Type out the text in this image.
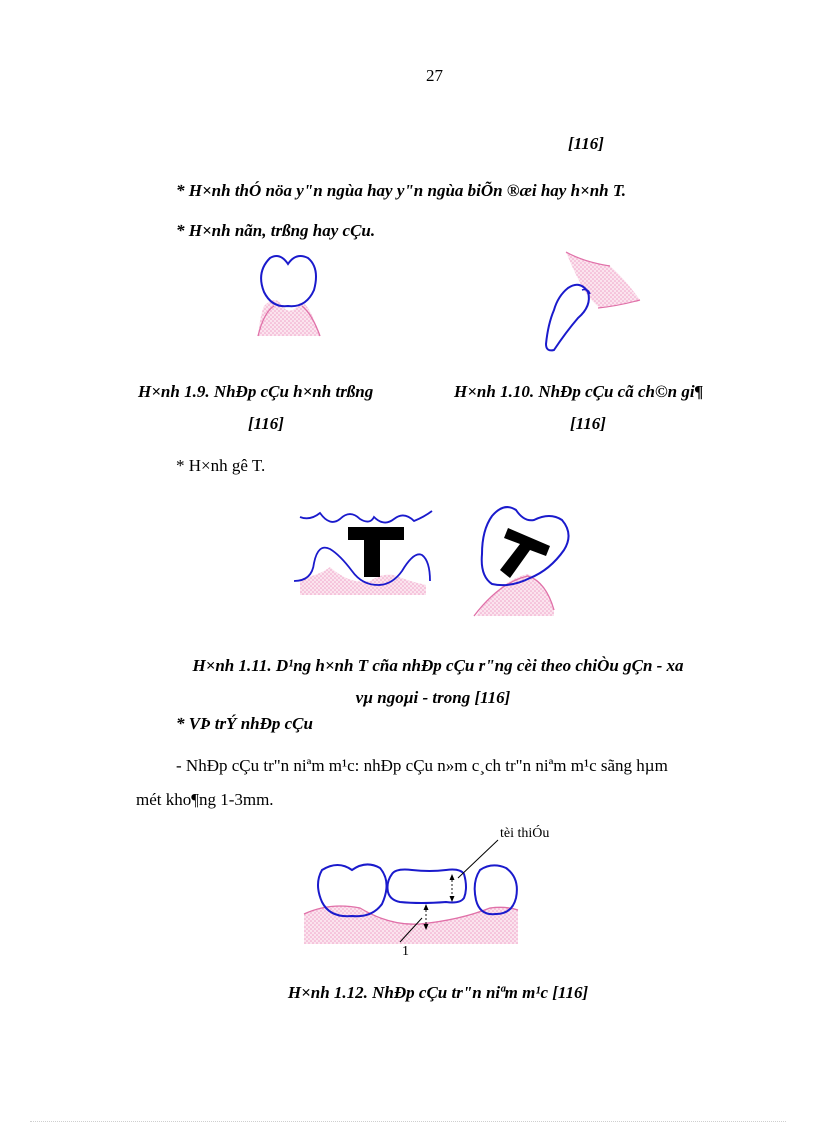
27
[116]
* H×nh thÓ nöa y"n ngùa hay y"n ngùa biÕn ®æi hay h×nh T.
* H×nh nãn, trßng hay cÇu.
H×nh 1.9. NhÐp cÇu h×nh trßng
[116]
H×nh 1.10. NhÐp cÇu cã ch©n gi¶
[116]
* H×nh gê T.
H×nh 1.11. D¹ng h×nh T cña nhÐp cÇu r"ng cèi theo chiÒu gÇn - xa
vµ ngoµi - trong [116]
* VÞ trÝ nhÐp cÇu
- NhÐp cÇu tr"n niªm m¹c: nhÐp cÇu n»m c¸ch tr"n niªm m¹c sãng hµm
mét kho¶ng 1-3mm.
tèi thiÓu
1
H×nh 1.12. NhÐp cÇu tr"n niªm m¹c [116]
